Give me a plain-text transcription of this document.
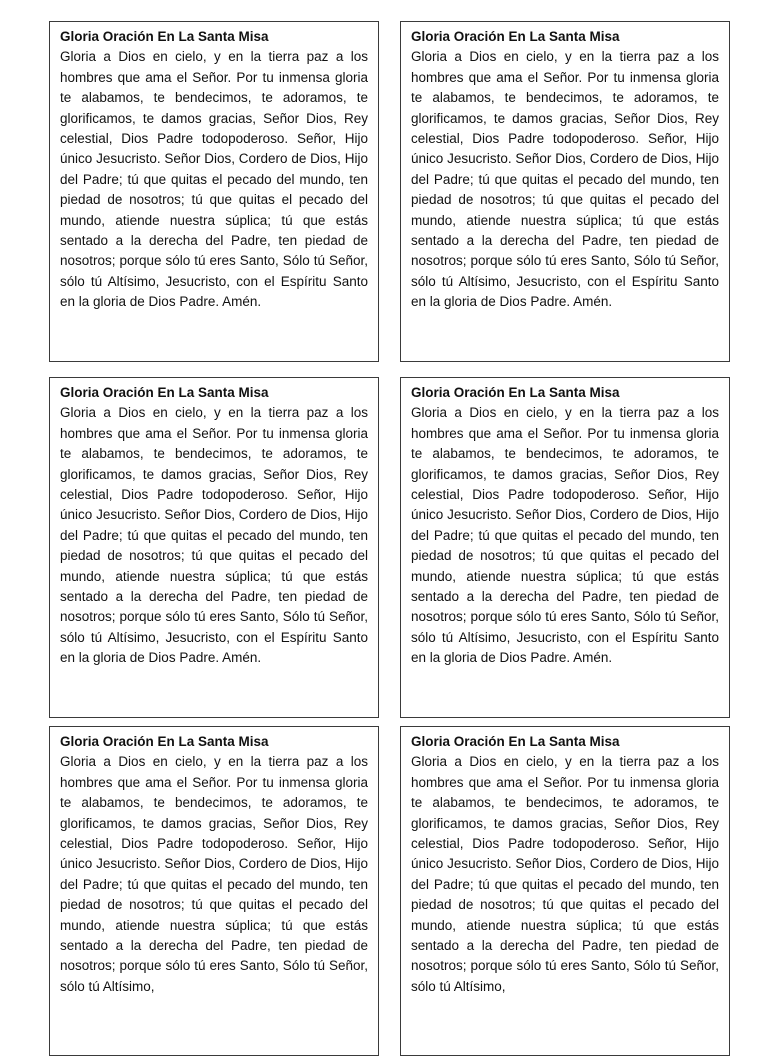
Gloria Oración En La Santa Misa

Gloria a Dios en cielo, y en la tierra paz a los hombres que ama el Señor. Por tu inmensa gloria te alabamos, te bendecimos, te adoramos, te glorificamos, te damos gracias, Señor Dios, Rey celestial, Dios Padre todopoderoso. Señor, Hijo único Jesucristo. Señor Dios, Cordero de Dios, Hijo del Padre; tú que quitas el pecado del mundo, ten piedad de nosotros; tú que quitas el pecado del mundo, atiende nuestra súplica; tú que estás sentado a la derecha del Padre, ten piedad de nosotros; porque sólo tú eres Santo, Sólo tú Señor, sólo tú Altísimo, Jesucristo, con el Espíritu Santo en la gloria de Dios Padre. Amén.

Gloria Oración En La Santa Misa

Gloria a Dios en cielo, y en la tierra paz a los hombres que ama el Señor. Por tu inmensa gloria te alabamos, te bendecimos, te adoramos, te glorificamos, te damos gracias, Señor Dios, Rey celestial, Dios Padre todopoderoso. Señor, Hijo único Jesucristo. Señor Dios, Cordero de Dios, Hijo del Padre; tú que quitas el pecado del mundo, ten piedad de nosotros; tú que quitas el pecado del mundo, atiende nuestra súplica; tú que estás sentado a la derecha del Padre, ten piedad de nosotros; porque sólo tú eres Santo, Sólo tú Señor, sólo tú Altísimo, Jesucristo, con el Espíritu Santo en la gloria de Dios Padre. Amén.

Gloria Oración En La Santa Misa

Gloria a Dios en cielo, y en la tierra paz a los hombres que ama el Señor. Por tu inmensa gloria te alabamos, te bendecimos, te adoramos, te glorificamos, te damos gracias, Señor Dios, Rey celestial, Dios Padre todopoderoso. Señor, Hijo único Jesucristo. Señor Dios, Cordero de Dios, Hijo del Padre; tú que quitas el pecado del mundo, ten piedad de nosotros; tú que quitas el pecado del mundo, atiende nuestra súplica; tú que estás sentado a la derecha del Padre, ten piedad de nosotros; porque sólo tú eres Santo, Sólo tú Señor, sólo tú Altísimo, Jesucristo, con el Espíritu Santo en la gloria de Dios Padre. Amén.

Gloria Oración En La Santa Misa

Gloria a Dios en cielo, y en la tierra paz a los hombres que ama el Señor. Por tu inmensa gloria te alabamos, te bendecimos, te adoramos, te glorificamos, te damos gracias, Señor Dios, Rey celestial, Dios Padre todopoderoso. Señor, Hijo único Jesucristo. Señor Dios, Cordero de Dios, Hijo del Padre; tú que quitas el pecado del mundo, ten piedad de nosotros; tú que quitas el pecado del mundo, atiende nuestra súplica; tú que estás sentado a la derecha del Padre, ten piedad de nosotros; porque sólo tú eres Santo, Sólo tú Señor, sólo tú Altísimo, Jesucristo, con el Espíritu Santo en la gloria de Dios Padre. Amén.

Gloria Oración En La Santa Misa

Gloria a Dios en cielo, y en la tierra paz a los hombres que ama el Señor. Por tu inmensa gloria te alabamos, te bendecimos, te adoramos, te glorificamos, te damos gracias, Señor Dios, Rey celestial, Dios Padre todopoderoso. Señor, Hijo único Jesucristo. Señor Dios, Cordero de Dios, Hijo del Padre; tú que quitas el pecado del mundo, ten piedad de nosotros; tú que quitas el pecado del mundo, atiende nuestra súplica; tú que estás sentado a la derecha del Padre, ten piedad de nosotros; porque sólo tú eres Santo, Sólo tú Señor, sólo tú Altísimo,

Gloria Oración En La Santa Misa

Gloria a Dios en cielo, y en la tierra paz a los hombres que ama el Señor. Por tu inmensa gloria te alabamos, te bendecimos, te adoramos, te glorificamos, te damos gracias, Señor Dios, Rey celestial, Dios Padre todopoderoso. Señor, Hijo único Jesucristo. Señor Dios, Cordero de Dios, Hijo del Padre; tú que quitas el pecado del mundo, ten piedad de nosotros; tú que quitas el pecado del mundo, atiende nuestra súplica; tú que estás sentado a la derecha del Padre, ten piedad de nosotros; porque sólo tú eres Santo, Sólo tú Señor, sólo tú Altísimo,
